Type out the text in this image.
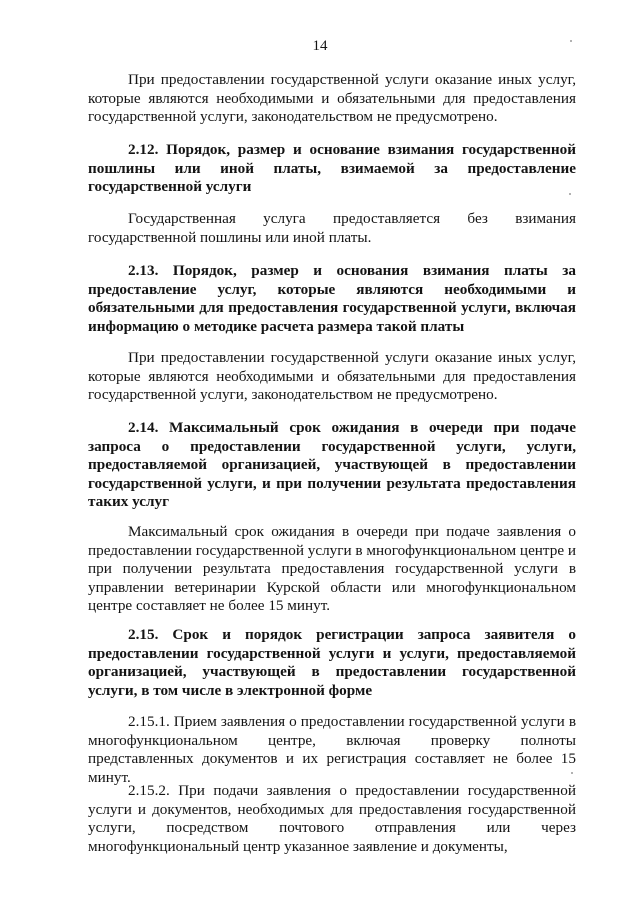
14
При предоставлении государственной услуги оказание иных услуг, которые являются необходимыми и обязательными для предоставления государственной услуги, законодательством не предусмотрено.
2.12. Порядок, размер и основание взимания государственной пошлины или иной платы, взимаемой за предоставление государственной услуги
Государственная услуга предоставляется без взимания государственной пошлины или иной платы.
2.13. Порядок, размер и основания взимания платы за предоставление услуг, которые являются необходимыми и обязательными для предоставления государственной услуги, включая информацию о методике расчета размера такой платы
При предоставлении государственной услуги оказание иных услуг, которые являются необходимыми и обязательными для предоставления государственной услуги, законодательством не предусмотрено.
2.14. Максимальный срок ожидания в очереди при подаче запроса о предоставлении государственной услуги, услуги, предоставляемой организацией, участвующей в предоставлении государственной услуги, и при получении результата предоставления таких услуг
Максимальный срок ожидания в очереди при подаче заявления о предоставлении государственной услуги в многофункциональном центре и при получении результата предоставления государственной услуги в управлении ветеринарии Курской области или многофункциональном центре составляет не более 15 минут.
2.15. Срок и порядок регистрации запроса заявителя о предоставлении государственной услуги и услуги, предоставляемой организацией, участвующей в предоставлении государственной услуги, в том числе в электронной форме
2.15.1. Прием заявления о предоставлении государственной услуги в многофункциональном центре, включая проверку полноты представленных документов и их регистрация составляет не более 15 минут.
2.15.2. При подачи заявления о предоставлении государственной услуги и документов, необходимых для предоставления государственной услуги, посредством почтового отправления или через многофункциональный центр указанное заявление и документы,
